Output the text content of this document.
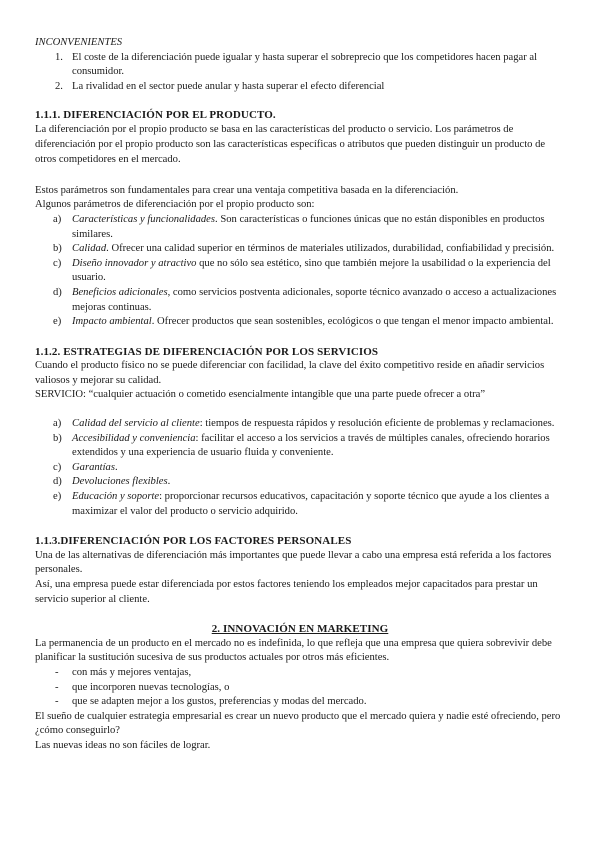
INCONVENIENTES

1. El coste de la diferenciación puede igualar y hasta superar el sobreprecio que los competidores hacen pagar al consumidor.
2. La rivalidad en el sector puede anular y hasta superar el efecto diferencial
1.1.1. DIFERENCIACIÓN POR EL PRODUCTO.

La diferenciación por el propio producto se basa en las características del producto o servicio. Los parámetros de diferenciación por el propio producto son las características específicas o atributos que pueden distinguir un producto de

otros competidores en el mercado.

Estos parámetros son fundamentales para crear una ventaja competitiva basada en la diferenciación.

Algunos parámetros de diferenciación por el propio producto son:

a) Características y funcionalidades. Son características o funciones únicas que no están disponibles en productos similares.
b) Calidad. Ofrecer una calidad superior en términos de materiales utilizados, durabilidad, confiabilidad y precisión.
c) Diseño innovador y atractivo que no sólo sea estético, sino que también mejore la usabilidad o la experiencia del usuario.
d) Beneficios adicionales, como servicios postventa adicionales, soporte técnico avanzado o acceso a actualizaciones mejoras continuas.
e) Impacto ambiental. Ofrecer productos que sean sostenibles, ecológicos o que tengan el menor impacto ambiental.
1.1.2. ESTRATEGIAS DE DIFERENCIACIÓN POR LOS SERVICIOS

Cuando el producto físico no se puede diferenciar con facilidad, la clave del éxito competitivo reside en añadir servicios valiosos y mejorar su calidad.

SERVICIO: “cualquier actuación o cometido esencialmente intangible que una parte puede ofrecer a otra”

a) Calidad del servicio al cliente: tiempos de respuesta rápidos y resolución eficiente de problemas y reclamaciones.
b) Accesibilidad y conveniencia: facilitar el acceso a los servicios a través de múltiples canales, ofreciendo horarios extendidos y una experiencia de usuario fluida y conveniente.
c) Garantías.
d) Devoluciones flexibles.
e) Educación y soporte: proporcionar recursos educativos, capacitación y soporte técnico que ayude a los clientes a maximizar el valor del producto o servicio adquirido.
1.1.3.DIFERENCIACIÓN POR LOS FACTORES PERSONALES

Una de las alternativas de diferenciación más importantes que puede llevar a cabo una empresa está referida a los factores personales.

Así, una empresa puede estar diferenciada por estos factores teniendo los empleados mejor capacitados para prestar un servicio superior al cliente.

2. INNOVACIÓN EN MARKETING

La permanencia de un producto en el mercado no es indefinida, lo que refleja que una empresa que quiera sobrevivir debe planificar la sustitución sucesiva de sus productos actuales por otros más eficientes.

- con más y mejores ventajas,
- que incorporen nuevas tecnologías, o
- que se adapten mejor a los gustos, preferencias y modas del mercado.

El sueño de cualquier estrategia empresarial es crear un nuevo producto que el mercado quiera y nadie esté ofreciendo, pero ¿cómo conseguirlo?

Las nuevas ideas no son fáciles de lograr.
